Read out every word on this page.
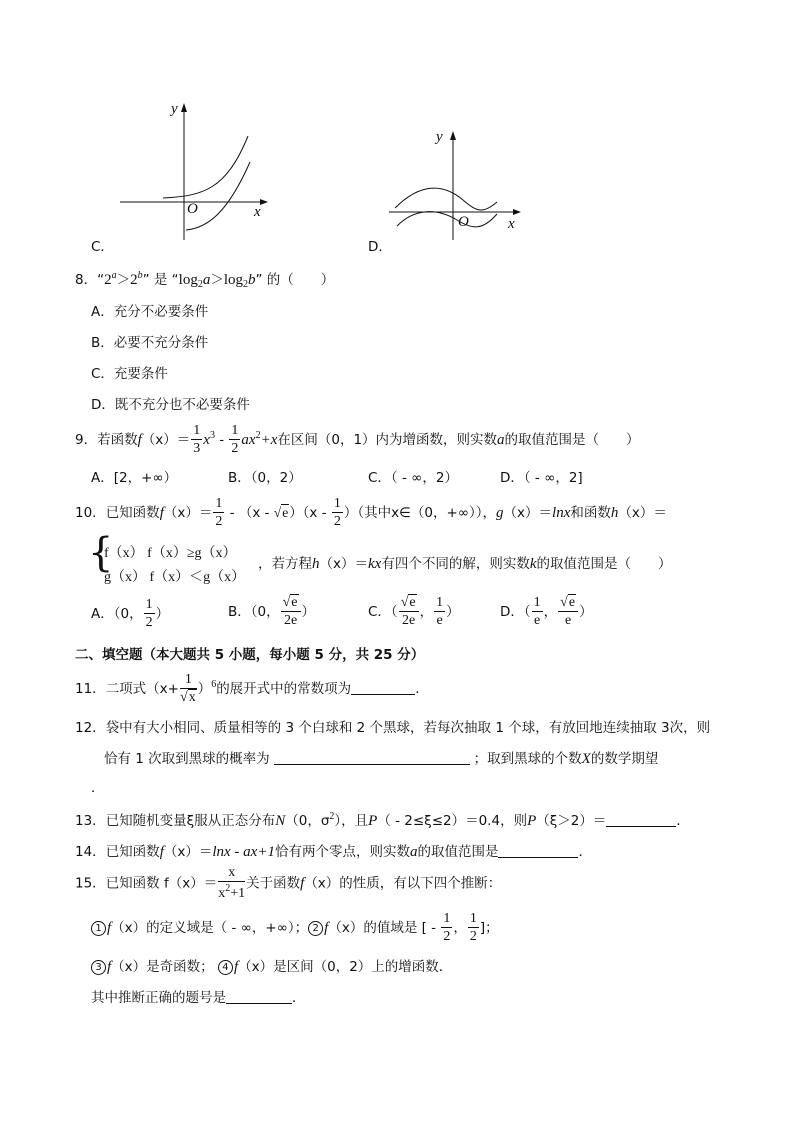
y
x
O
C．
y
x
O
D．
8．“$2^a>2^b$” 是 “$\log_2a>\log_2b$” 的（　　）
A．充分不必要条件
B．必要不充分条件
C．充要条件
D．既不充分也不必要条件
9．若函数$f(x)= \frac{1}{3} x^3 - \frac{1}{2} ax^2+x$在区间（0，1）内为增函数，则实数a的取值范围是（　　）
A．[2，+∞）	B．（0，2）	C．（ - ∞，2）	D．（ - ∞，2]
10．已知函数$f(x)= \frac{1}{2} - (x - √e)(x - \frac{1}{2}$ ）（其中x∈（0，+∞）），g（x）＝lnx和函数h（x）＝
{
f（x） f（x）≥g（x）
g（x） f（x）＜g（x）
，若方程h（x）＝kx有四个不同的解，则实数k的取值范围是（　　）
A．（0， $\frac{1}{2}$ ）	B．（0， $\frac{√e}{2e}$ ）	C．（ $\frac{√e}{2e}$ ， $\frac{1}{e}$ ）	D．（ $\frac{1}{e}$ ， $\frac{√e}{e}$ ）
二、填空题（本大题共 5 小题，每小题 5 分，共 25 分）
11．二项式$(x+ \frac{1}{√x} )^6$的展开式中的常数项为	．
12．袋中有大小相同、质量相等的 3 个白球和 2 个黑球，若每次抽取 1 个球，有放回地连续抽取 3次，则
恰有 1 次取到黑球的概率为	；取到黑球的个数X的数学期望
．
13．已知随机变量ξ服从正态分布N（0，$\sigma^2$），且P（ - 2≤ξ≤2）＝0.4，则P（ξ＞2）＝	．
14．已知函数f（x）＝lnx - ax+1恰有两个零点，则实数a的取值范围是	．
15．已知函数 $f(x)= \frac{x}{x^2+1}$ 关于函数f（x）的性质，有以下四个推断：
1 f（x）的定义域是（ - ∞，+∞）； 2 f（x）的值域是 [ - $\frac{1}{2}$ ， $\frac{1}{2}$ ]；
3 f（x）是奇函数； 4 f（x）是区间（0，2）上的增函数．
其中推断正确的题号是	．
